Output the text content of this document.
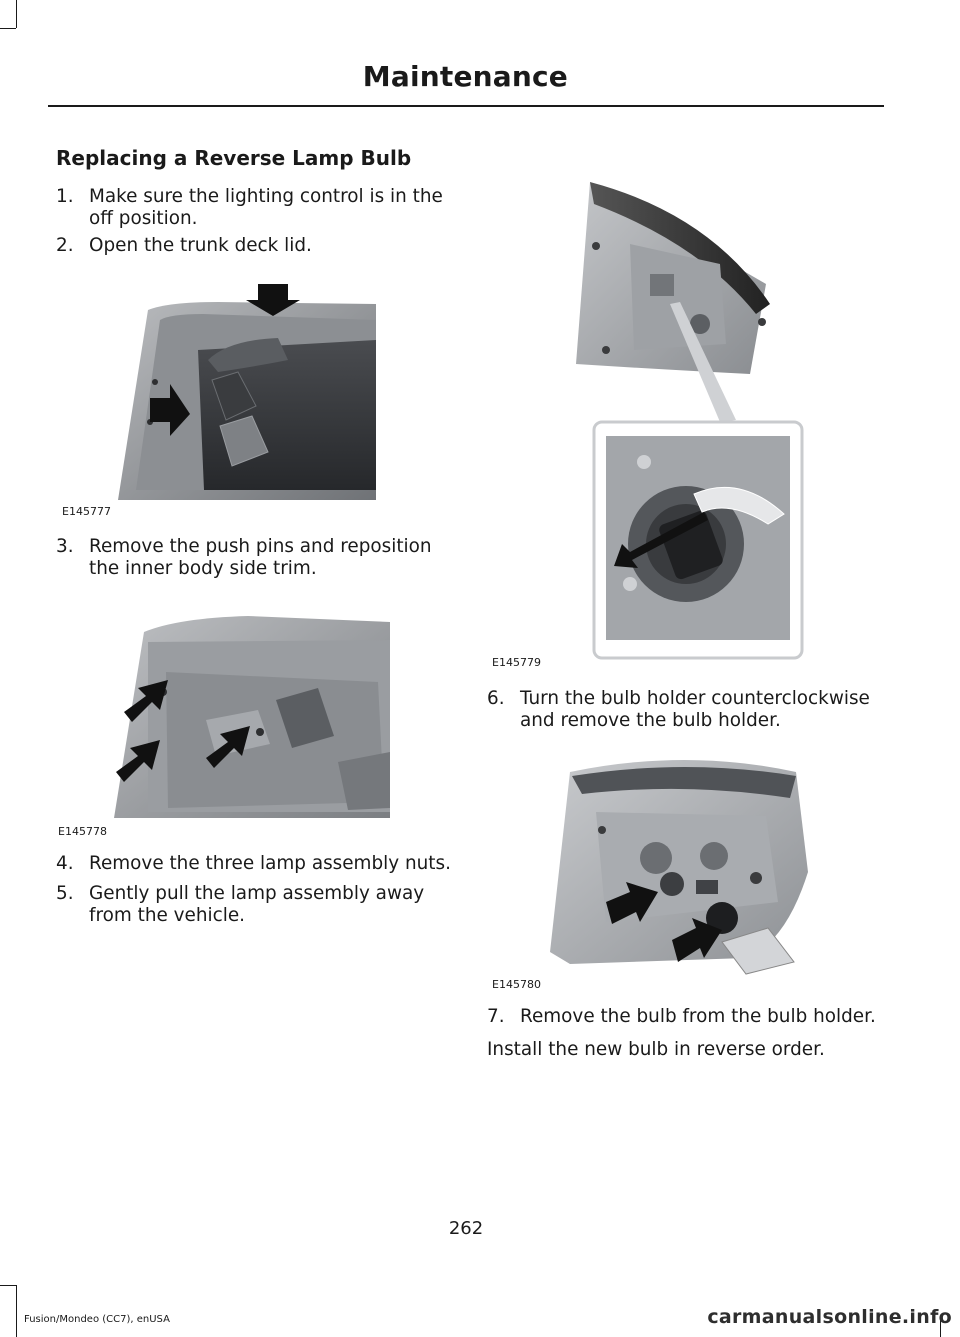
Maintenance
Replacing a Reverse Lamp Bulb
1. Make sure the lighting control is in the off position.
2. Open the trunk deck lid.
E145777
3. Remove the push pins and reposition the inner body side trim.
E145778
4. Remove the three lamp assembly nuts.
5. Gently pull the lamp assembly away from the vehicle.
E145779
6. Turn the bulb holder counterclockwise and remove the bulb holder.
E145780
7. Remove the bulb from the bulb holder.
Install the new bulb in reverse order.
262
Fusion/Mondeo (CC7), enUSA	carmanualsonline.info
